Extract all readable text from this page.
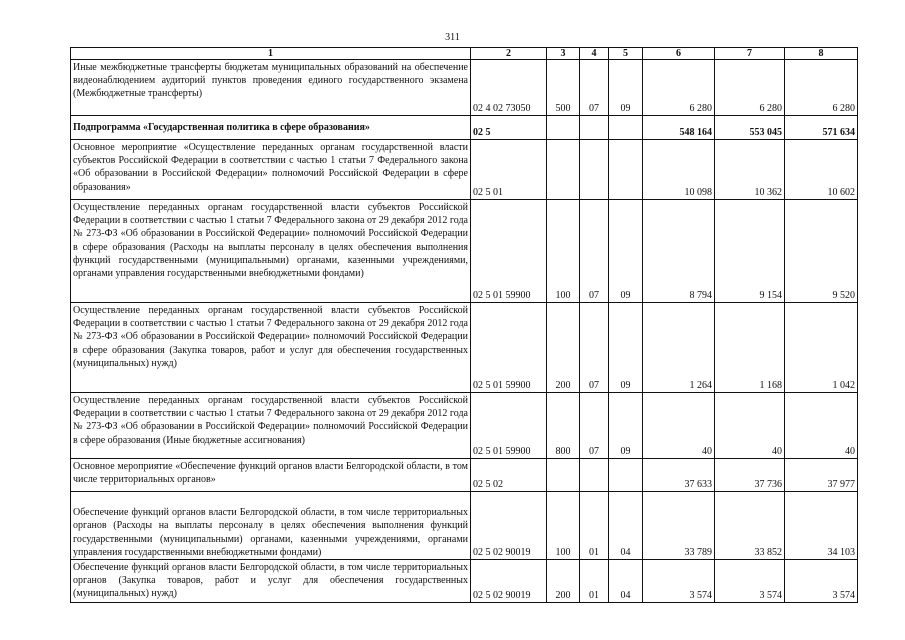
311
1	2	3	4	5	6	7	8
Иные межбюджетные трансферты бюджетам муниципальных образований на обеспечение видеонаблюдением аудиторий пунктов проведения единого государственного экзамена (Межбюджетные трансферты)	02 4 02 73050	500	07	09	6 280	6 280	6 280
Подпрограмма «Государственная политика в сфере образования»	02 5				548 164	553 045	571 634
Основное мероприятие «Осуществление переданных органам государственной власти субъектов Российской Федерации в соответствии с частью 1 статьи 7 Федерального закона «Об образовании в Российской Федерации» полномочий Российской Федерации в сфере образования»	02 5 01				10 098	10 362	10 602
Осуществление переданных органам государственной власти субъектов Российской Федерации в соответствии с частью 1 статьи 7 Федерального закона от 29 декабря 2012 года № 273-ФЗ «Об образовании в Российской Федерации» полномочий Российской Федерации в сфере образования (Расходы на выплаты персоналу в целях обеспечения выполнения функций государственными (муниципальными) органами, казенными учреждениями, органами управления государственными внебюджетными фондами)	02 5 01 59900	100	07	09	8 794	9 154	9 520
Осуществление переданных органам государственной власти субъектов Российской Федерации в соответствии с частью 1 статьи 7 Федерального закона от 29 декабря 2012 года № 273-ФЗ «Об образовании в Российской Федерации» полномочий Российской Федерации в сфере образования (Закупка товаров, работ и услуг для обеспечения государственных (муниципальных) нужд)	02 5 01 59900	200	07	09	1 264	1 168	1 042
Осуществление переданных органам государственной власти субъектов Российской Федерации в соответствии с частью 1 статьи 7 Федерального закона от 29 декабря 2012 года № 273-ФЗ «Об образовании в Российской Федерации» полномочий Российской Федерации в сфере образования (Иные бюджетные ассигнования)	02 5 01 59900	800	07	09	40	40	40
Основное мероприятие «Обеспечение функций органов власти Белгородской области, в том числе территориальных органов»	02 5 02				37 633	37 736	37 977
Обеспечение функций органов власти Белгородской области, в том числе территориальных органов (Расходы на выплаты персоналу в целях обеспечения выполнения функций государственными (муниципальными) органами, казенными учреждениями, органами управления государственными внебюджетными фондами)	02 5 02 90019	100	01	04	33 789	33 852	34 103
Обеспечение функций органов власти Белгородской области, в том числе территориальных органов (Закупка товаров, работ и услуг для обеспечения государственных (муниципальных) нужд)	02 5 02 90019	200	01	04	3 574	3 574	3 574
